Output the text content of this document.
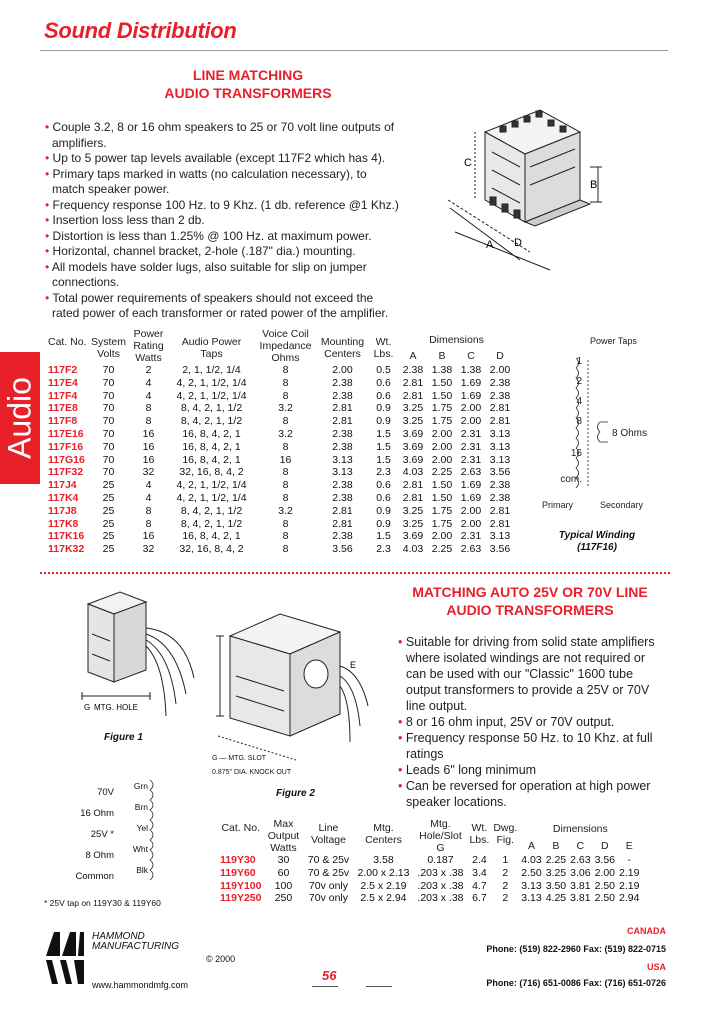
Sound Distribution
Audio
LINE MATCHING
AUDIO TRANSFORMERS
• Couple 3.2, 8 or 16 ohm speakers to 25 or 70 volt line outputs of amplifiers.
• Up to 5 power tap levels available (except 117F2 which has 4).
• Primary taps marked in watts (no calculation necessary), to match speaker power.
• Frequency response 100 Hz. to 9 Khz. (1 db. reference @1 Khz.)
• Insertion loss less than 2 db.
• Distortion is less than 1.25% @ 100 Hz. at maximum power.
• Horizontal, channel bracket, 2-hole (.187" dia.) mounting.
• All models have solder lugs, also suitable for slip on jumper connections.
• Total power requirements of speakers should not exceed the rated power of each transformer or rated power of the amplifier.
C
B
D
A
Cat. No.	System Volts	Power Rating Watts	Audio Power Taps	Voice Coil Impedance Ohms	Mounting Centers	Wt. Lbs.	Dimensions			
							A	B	C	D
117F2	70	2	2, 1, 1/2, 1/4	8	2.00	0.5	2.38	1.38	1.38	2.00
117E4	70	4	4, 2, 1, 1/2, 1/4	8	2.38	0.6	2.81	1.50	1.69	2.38
117F4	70	4	4, 2, 1, 1/2, 1/4	8	2.38	0.6	2.81	1.50	1.69	2.38
117E8	70	8	8, 4, 2, 1, 1/2	3.2	2.81	0.9	3.25	1.75	2.00	2.81
117F8	70	8	8, 4, 2, 1, 1/2	8	2.81	0.9	3.25	1.75	2.00	2.81
117E16	70	16	16, 8, 4, 2, 1	3.2	2.38	1.5	3.69	2.00	2.31	3.13
117F16	70	16	16, 8, 4, 2, 1	8	2.38	1.5	3.69	2.00	2.31	3.13
117G16	70	16	16, 8, 4, 2, 1	16	3.13	1.5	3.69	2.00	2.31	3.13
117F32	70	32	32, 16, 8, 4, 2	8	3.13	2.3	4.03	2.25	2.63	3.56
117J4	25	4	4, 2, 1, 1/2, 1/4	8	2.38	0.6	2.81	1.50	1.69	2.38
117K4	25	4	4, 2, 1, 1/2, 1/4	8	2.38	0.6	2.81	1.50	1.69	2.38
117J8	25	8	8, 4, 2, 1, 1/2	3.2	2.81	0.9	3.25	1.75	2.00	2.81
117K8	25	8	8, 4, 2, 1, 1/2	8	2.81	0.9	3.25	1.75	2.00	2.81
117K16	25	16	16, 8, 4, 2, 1	8	2.38	1.5	3.69	2.00	2.31	3.13
117K32	25	32	32, 16, 8, 4, 2	8	3.56	2.3	4.03	2.25	2.63	3.56
Power Taps
1
2
4
8
16
com.
8 Ohms
Primary	Secondary
Typical Winding
(117F16)
MATCHING AUTO 25V OR 70V LINE
AUDIO TRANSFORMERS
• Suitable for driving from solid state amplifiers where isolated windings are not required or can be used with our "Classic" 1600 tube output transformers to provide a 25V or 70V line output.
• 8 or 16 ohm input, 25V or 70V output.
• Frequency response 50 Hz. to 10 Khz. at full ratings
• Leads 6" long minimum
• Can be reversed for operation at high power speaker locations.
G MTG. HOLE
Figure 1
E
G — MTG. SLOT
0.875" DIA. KNOCK OUT
Figure 2
70V
16 Ohm
25V *
8 Ohm
Common
Grn
Brn
Yel
Wht
Blk
* 25V tap on 119Y30 & 119Y60
Cat. No.	Max Output Watts	Line Voltage	Mtg. Centers	Mtg. Hole/Slot G	Wt. Lbs.	Dwg. Fig.	Dimensions				
							A	B	C	D	E
119Y30	30	70 & 25v	3.58	0.187	2.4	1	4.03	2.25	2.63	3.56	-
119Y60	60	70 & 25v	2.00 x 2.13	.203 x .38	3.4	2	2.50	3.25	3.06	2.00	2.19
119Y100	100	70v only	2.5 x 2.19	.203 x .38	4.7	2	3.13	3.50	3.81	2.50	2.19
119Y250	250	70v only	2.5 x 2.94	.203 x .38	6.7	2	3.13	4.25	3.81	2.50	2.94
HAMMOND
MANUFACTURING
© 2000
www.hammondmfg.com
56
CANADA
Phone: (519) 822-2960 Fax: (519) 822-0715
USA
Phone: (716) 651-0086 Fax: (716) 651-0726
